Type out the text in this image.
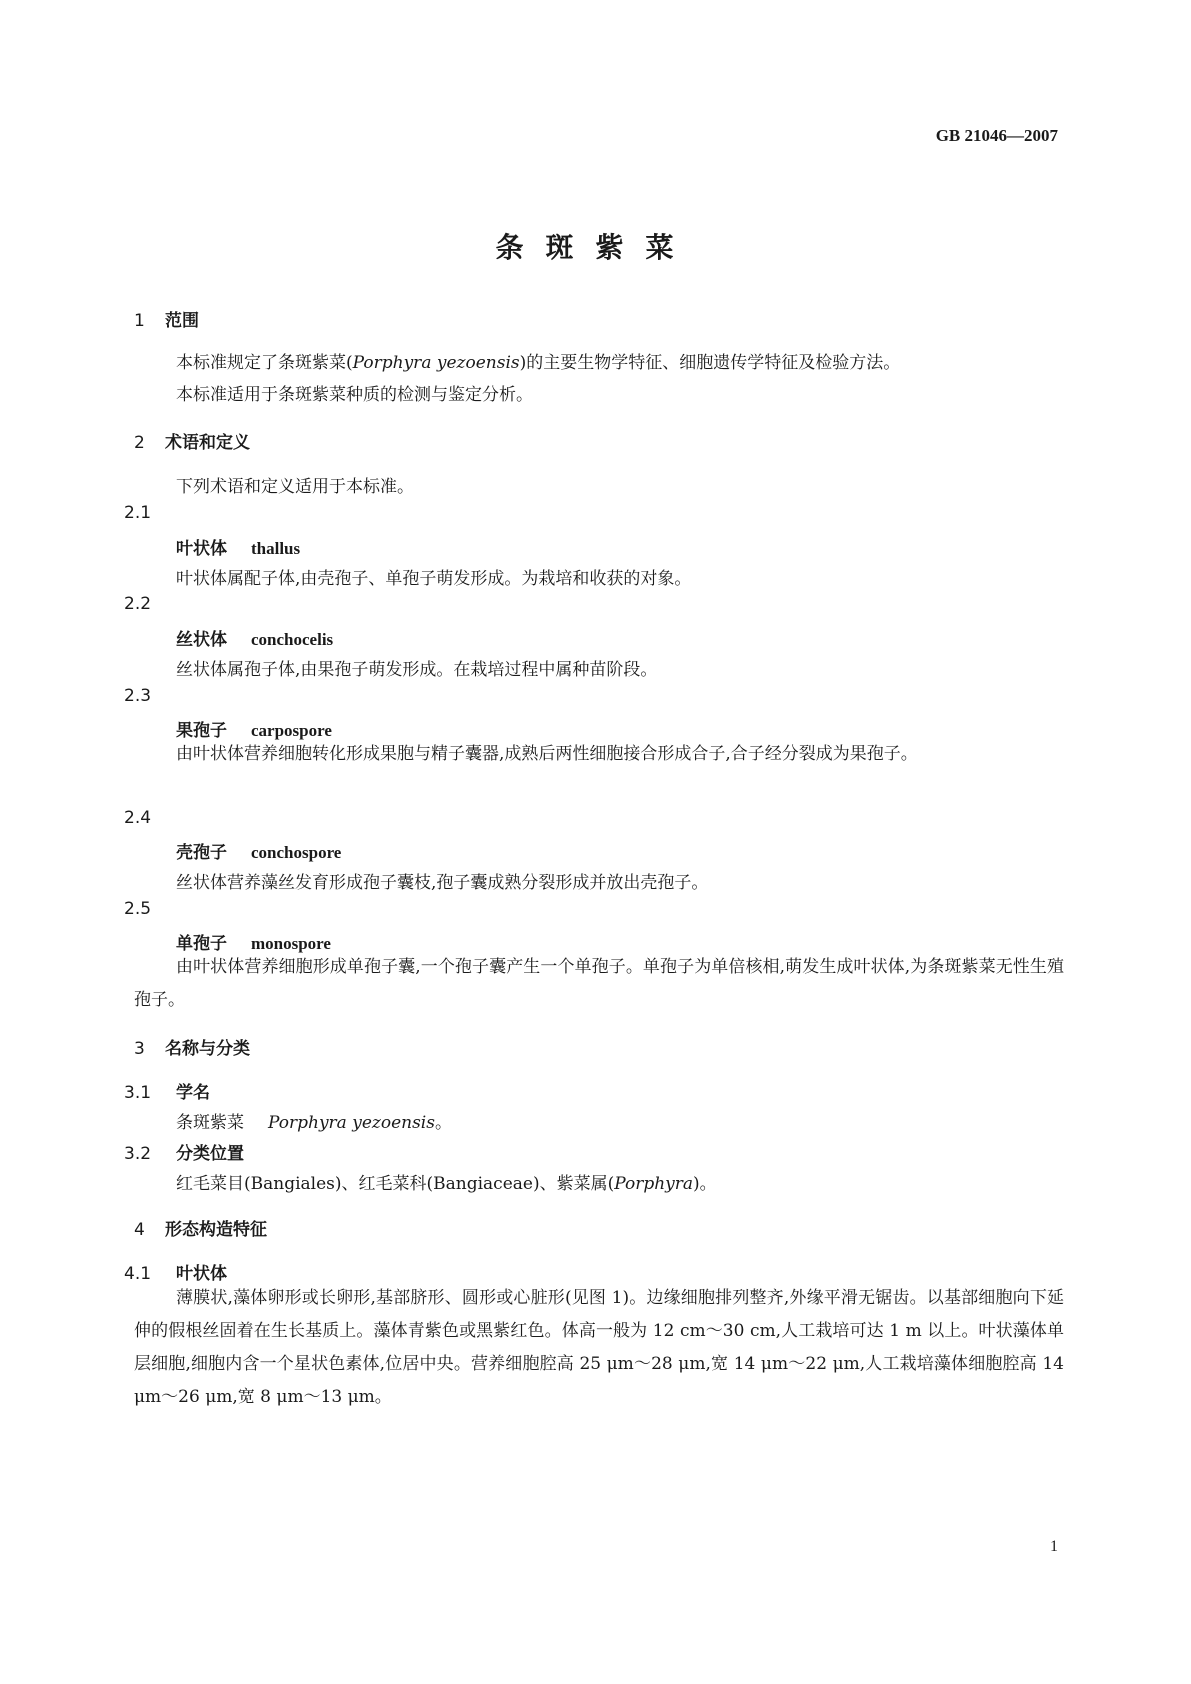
GB 21046—2007
条斑紫菜
1 范围
本标准规定了条斑紫菜(Porphyra yezoensis)的主要生物学特征、细胞遗传学特征及检验方法。
本标准适用于条斑紫菜种质的检测与鉴定分析。
2 术语和定义
下列术语和定义适用于本标准。
2.1
叶状体 thallus
叶状体属配子体,由壳孢子、单孢子萌发形成。为栽培和收获的对象。
2.2
丝状体 conchocelis
丝状体属孢子体,由果孢子萌发形成。在栽培过程中属种苗阶段。
2.3
果孢子 carpospore
由叶状体营养细胞转化形成果胞与精子囊器,成熟后两性细胞接合形成合子,合子经分裂成为果孢子。
2.4
壳孢子 conchospore
丝状体营养藻丝发育形成孢子囊枝,孢子囊成熟分裂形成并放出壳孢子。
2.5
单孢子 monospore
由叶状体营养细胞形成单孢子囊,一个孢子囊产生一个单孢子。单孢子为单倍核相,萌发生成叶状体,为条斑紫菜无性生殖孢子。
3 名称与分类
3.1 学名
条斑紫菜 Porphyra yezoensis。
3.2 分类位置
红毛菜目(Bangiales)、红毛菜科(Bangiaceae)、紫菜属(Porphyra)。
4 形态构造特征
4.1 叶状体
薄膜状,藻体卵形或长卵形,基部脐形、圆形或心脏形(见图 1)。边缘细胞排列整齐,外缘平滑无锯齿。以基部细胞向下延伸的假根丝固着在生长基质上。藻体青紫色或黑紫红色。体高一般为 12 cm～30 cm,人工栽培可达 1 m 以上。叶状藻体单层细胞,细胞内含一个星状色素体,位居中央。营养细胞腔高 25 μm～28 μm,宽 14 μm～22 μm,人工栽培藻体细胞腔高 14 μm～26 μm,宽 8 μm～13 μm。
1
